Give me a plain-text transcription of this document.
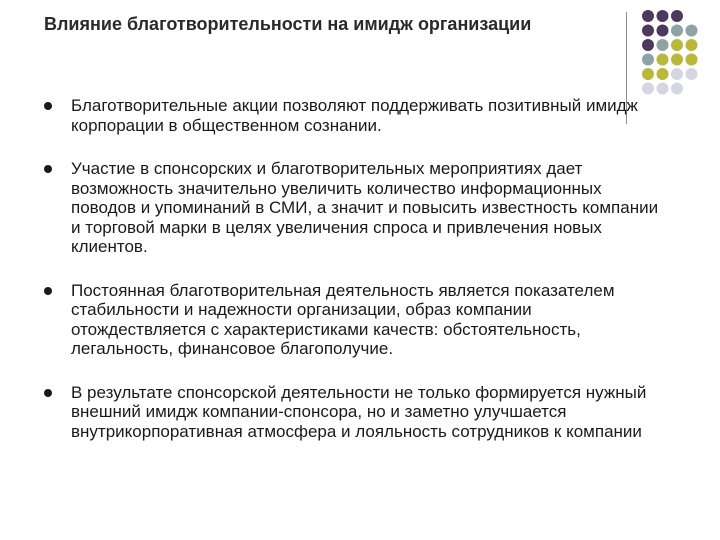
Влияние благотворительности на имидж организации
Благотворительные акции позволяют поддерживать позитивный имидж корпорации в общественном сознании.
Участие в спонсорских и благотворительных мероприятиях дает возможность значительно увеличить количество информационных поводов и упоминаний в СМИ, а значит и повысить известность компании и торговой марки в целях увеличения спроса и привлечения новых клиентов.
Постоянная благотворительная деятельность является показателем стабильности и надежности организации, образ компании отождествляется с характеристиками качеств: обстоятельность, легальность, финансовое благополучие.
В результате спонсорской деятельности не только формируется нужный внешний имидж компании-спонсора, но и заметно улучшается внутрикорпоративная атмосфера и лояльность сотрудников к компании
